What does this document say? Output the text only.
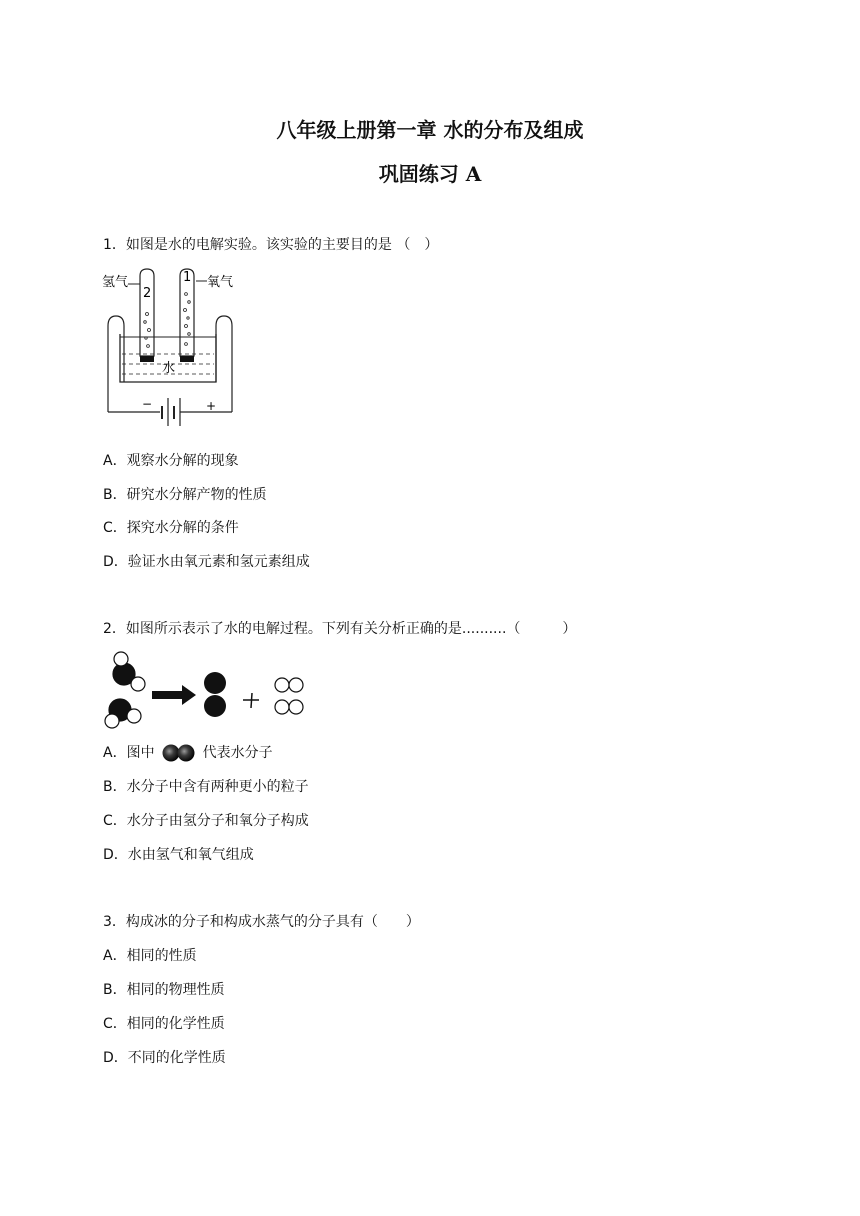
八年级上册第一章 水的分布及组成
巩固练习 A
1．如图是水的电解实验。该实验的主要目的是 （　）
氢气	氧气
2
1
水
−	+
A．观察水分解的现象
B．研究水分解产物的性质
C．探究水分解的条件
D．验证水由氧元素和氢元素组成
2．如图所示表示了水的电解过程。下列有关分析正确的是..........（　　　）
A．图中	代表水分子
B．水分子中含有两种更小的粒子
C．水分子由氢分子和氧分子构成
D．水由氢气和氧气组成
3．构成冰的分子和构成水蒸气的分子具有（　　）
A．相同的性质
B．相同的物理性质
C．相同的化学性质
D．不同的化学性质
